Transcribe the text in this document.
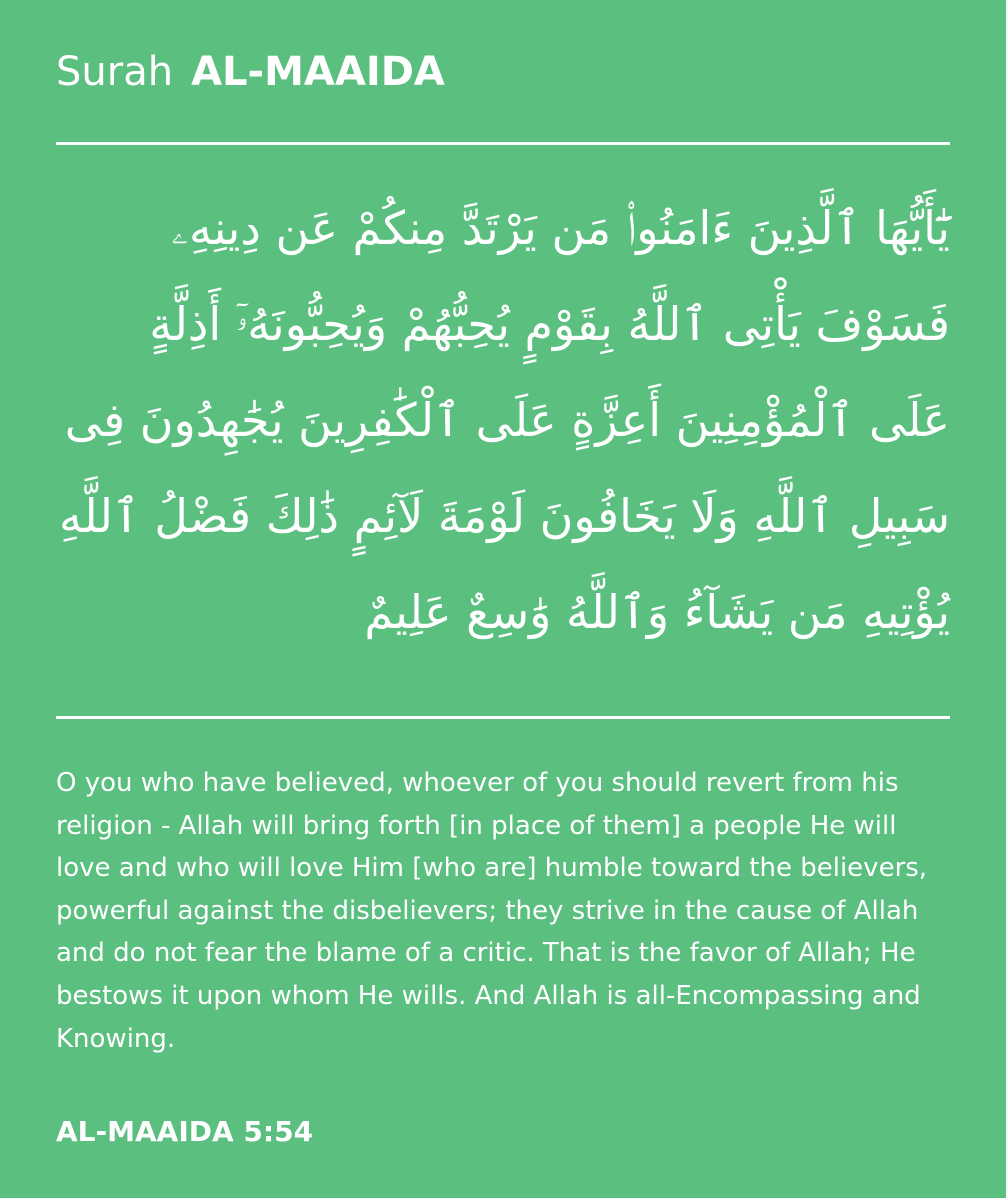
Surah AL-MAAIDA
يَٰٓأَيُّهَا ٱلَّذِينَ ءَامَنُوا۟ مَن يَرْتَدَّ مِنكُمْ عَن دِينِهِۦ فَسَوْفَ يَأْتِى ٱللَّهُ بِقَوْمٍ يُحِبُّهُمْ وَيُحِبُّونَهُۥٓ أَذِلَّةٍ عَلَى ٱلْمُؤْمِنِينَ أَعِزَّةٍ عَلَى ٱلْكَٰفِرِينَ يُجَٰهِدُونَ فِى سَبِيلِ ٱللَّهِ وَلَا يَخَافُونَ لَوْمَةَ لَآئِمٍ ذَٰلِكَ فَضْلُ ٱللَّهِ يُؤْتِيهِ مَن يَشَآءُ وَٱللَّهُ وَٰسِعٌ عَلِيمٌ
O you who have believed, whoever of you should revert from his religion - Allah will bring forth [in place of them] a people He will love and who will love Him [who are] humble toward the believers, powerful against the disbelievers; they strive in the cause of Allah and do not fear the blame of a critic. That is the favor of Allah; He bestows it upon whom He wills. And Allah is all-Encompassing and Knowing.
AL-MAAIDA 5:54
